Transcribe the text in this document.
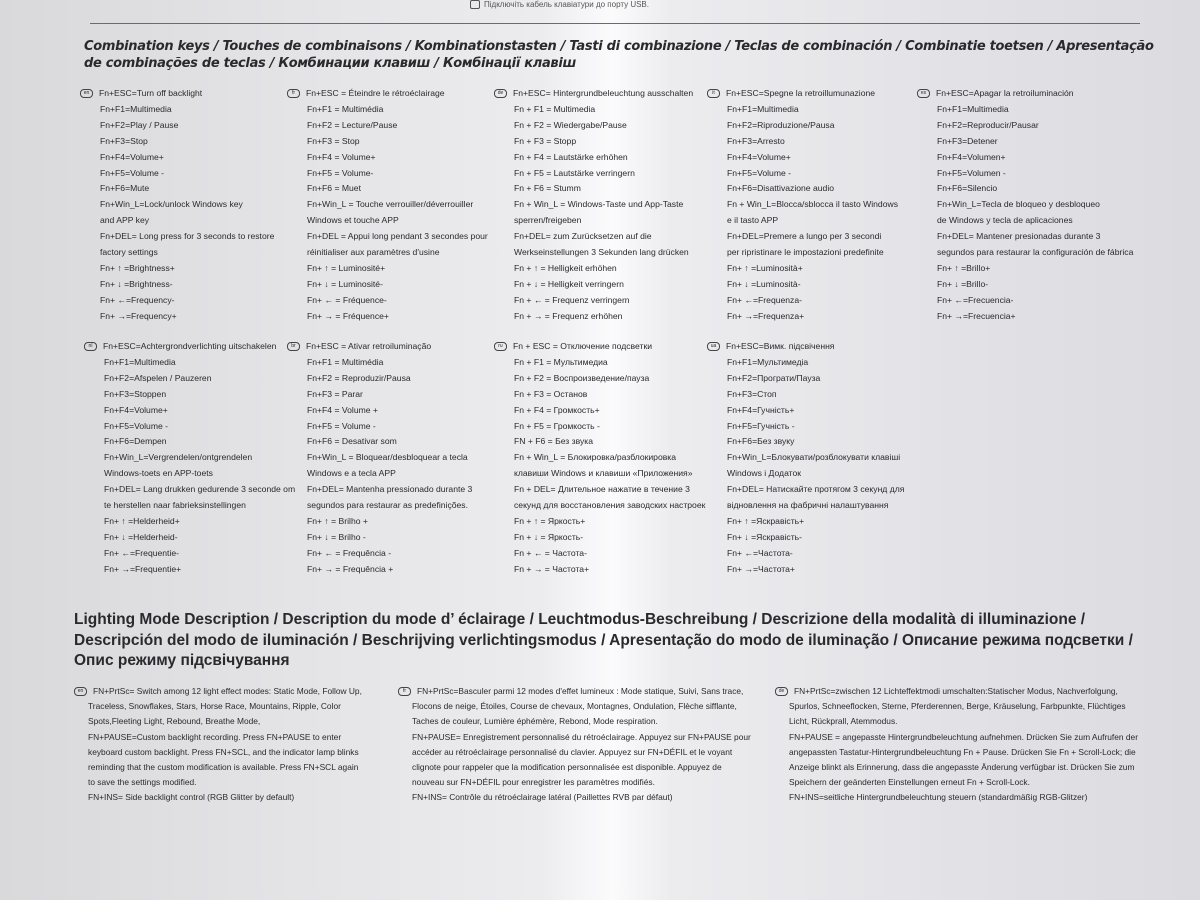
Підключіть кабель клавіатури до порту USB.
Combination keys / Touches de combinaisons / Kombinationstasten / Tasti di combinazione / Teclas de combinación / Combinatie toetsen / Apresentação de combinações de teclas / Комбинации клавиш / Комбінації клавіш
en Fn+ESC=Turn off backlight
Fn+F1=Multimedia
Fn+F2=Play / Pause
Fn+F3=Stop
Fn+F4=Volume+
Fn+F5=Volume -
Fn+F6=Mute
Fn+Win_L=Lock/unlock Windows key
and APP key
Fn+DEL= Long press for 3 seconds to restore
factory settings
Fn+ ↑ =Brightness+
Fn+ ↓ =Brightness-
Fn+ ←=Frequency-
Fn+ →=Frequency+
fr Fn+ESC = Éteindre le rétroéclairage
Fn+F1 = Multimédia
Fn+F2 = Lecture/Pause
Fn+F3 = Stop
Fn+F4 = Volume+
Fn+F5 = Volume-
Fn+F6 = Muet
Fn+Win_L = Touche verrouiller/déverrouiller
Windows et touche APP
Fn+DEL = Appui long pendant 3 secondes pour
réinitialiser aux paramètres d'usine
Fn+ ↑ = Luminosité+
Fn+ ↓ = Luminosité-
Fn+ ← = Fréquence-
Fn+ → = Fréquence+
de Fn+ESC= Hintergrundbeleuchtung ausschalten
Fn + F1 = Multimedia
Fn + F2 = Wiedergabe/Pause
Fn + F3 = Stopp
Fn + F4 = Lautstärke erhöhen
Fn + F5 = Lautstärke verringern
Fn + F6 = Stumm
Fn + Win_L = Windows-Taste und App-Taste
sperren/freigeben
Fn+DEL= zum Zurücksetzen auf die
Werkseinstellungen 3 Sekunden lang drücken
Fn + ↑ = Helligkeit erhöhen
Fn + ↓ = Helligkeit verringern
Fn + ← = Frequenz verringern
Fn + → = Frequenz erhöhen
it Fn+ESC=Spegne la retroillumunazione
Fn+F1=Multimedia
Fn+F2=Riproduzione/Pausa
Fn+F3=Arresto
Fn+F4=Volume+
Fn+F5=Volume -
Fn+F6=Disattivazione audio
Fn + Win_L=Blocca/sblocca il tasto Windows
e il tasto APP
Fn+DEL=Premere a lungo per 3 secondi
per ripristinare le impostazioni predefinite
Fn+ ↑ =Luminosità+
Fn+ ↓ =Luminosità-
Fn+ ←=Frequenza-
Fn+ →=Frequenza+
es Fn+ESC=Apagar la retroiluminación
Fn+F1=Multimedia
Fn+F2=Reproducir/Pausar
Fn+F3=Detener
Fn+F4=Volumen+
Fn+F5=Volumen -
Fn+F6=Silencio
Fn+Win_L=Tecla de bloqueo y desbloqueo
de Windows y tecla de aplicaciones
Fn+DEL= Mantener presionadas durante 3
segundos para restaurar la configuración de fábrica
Fn+ ↑ =Brillo+
Fn+ ↓ =Brillo-
Fn+ ←=Frecuencia-
Fn+ →=Frecuencia+
nl Fn+ESC=Achtergrondverlichting uitschakelen
Fn+F1=Multimedia
Fn+F2=Afspelen / Pauzeren
Fn+F3=Stoppen
Fn+F4=Volume+
Fn+F5=Volume -
Fn+F6=Dempen
Fn+Win_L=Vergrendelen/ontgrendelen
Windows-toets en APP-toets
Fn+DEL= Lang drukken gedurende 3 seconde om
te herstellen naar fabrieksinstellingen
Fn+ ↑ =Helderheid+
Fn+ ↓ =Helderheid-
Fn+ ←=Frequentie-
Fn+ →=Frequentie+
br Fn+ESC = Ativar retroiluminação
Fn+F1 = Multimédia
Fn+F2 = Reproduzir/Pausa
Fn+F3 = Parar
Fn+F4 = Volume +
Fn+F5 = Volume -
Fn+F6 = Desativar som
Fn+Win_L = Bloquear/desbloquear a tecla
Windows e a tecla APP
Fn+DEL= Mantenha pressionado durante 3
segundos para restaurar as predefinições.
Fn+ ↑ = Brilho +
Fn+ ↓ = Brilho -
Fn+ ← = Frequência -
Fn+ → = Frequência +
ru Fn + ESC = Отключение подсветки
Fn + F1 = Мультимедиа
Fn + F2 = Воспроизведение/пауза
Fn + F3 = Останов
Fn + F4 = Громкость+
Fn + F5 = Громкость -
FN + F6 = Без звука
Fn + Win_L = Блокировка/разблокировка
клавиши Windows и клавиши «Приложения»
Fn + DEL= Длительное нажатие в течение 3
секунд для восстановления заводских настроек
Fn + ↑ = Яркость+
Fn + ↓ = Яркость-
Fn + ← = Частота-
Fn + → = Частота+
ua Fn+ESC=Вимк. підсвічення
Fn+F1=Мультимедіа
Fn+F2=Програти/Пауза
Fn+F3=Стоп
Fn+F4=Гучність+
Fn+F5=Гучність -
Fn+F6=Без звуку
Fn+Win_L=Блокувати/розблокувати клавіші
Windows і Додаток
Fn+DEL= Натискайте протягом 3 секунд для
відновлення на фабричні налаштування
Fn+ ↑ =Яскравість+
Fn+ ↓ =Яскравість-
Fn+ ←=Частота-
Fn+ →=Частота+
Lighting Mode Description / Description du mode d’ éclairage / Leuchtmodus-Beschreibung / Descrizione della modalità di illuminazione / Descripción del modo de iluminación / Beschrijving verlichtingsmodus / Apresentação do modo de iluminação / Описание режима подсветки / Опис режиму підсвічування
en FN+PrtSc= Switch among 12 light effect modes: Static Mode, Follow Up,
Traceless, Snowflakes, Stars, Horse Race, Mountains, Ripple, Color
Spots,Fleeting Light, Rebound, Breathe Mode,
FN+PAUSE=Custom backlight recording. Press FN+PAUSE to enter
keyboard custom backlight. Press FN+SCL, and the indicator lamp blinks
reminding that the custom modification is available. Press FN+SCL again
to save the settings modified.
FN+INS= Side backlight control (RGB Glitter by default)
fr FN+PrtSc=Basculer parmi 12 modes d'effet lumineux : Mode statique, Suivi, Sans trace,
Flocons de neige, Étoiles, Course de chevaux, Montagnes, Ondulation, Flèche sifflante,
Taches de couleur, Lumière éphémère, Rebond, Mode respiration.
FN+PAUSE= Enregistrement personnalisé du rétroéclairage. Appuyez sur FN+PAUSE pour
accéder au rétroéclairage personnalisé du clavier. Appuyez sur FN+DÉFIL et le voyant
clignote pour rappeler que la modification personnalisée est disponible. Appuyez de
nouveau sur FN+DÉFIL pour enregistrer les paramètres modifiés.
FN+INS= Contrôle du rétroéclairage latéral (Paillettes RVB par défaut)
de FN+PrtSc=zwischen 12 Lichteffektmodi umschalten:Statischer Modus, Nachverfolgung,
Spurlos, Schneeflocken, Sterne, Pferderennen, Berge, Kräuselung, Farbpunkte, Flüchtiges
Licht, Rückprall, Atemmodus.
FN+PAUSE = angepasste Hintergrundbeleuchtung aufnehmen. Drücken Sie zum Aufrufen der
angepassten Tastatur-Hintergrundbeleuchtung Fn + Pause. Drücken Sie Fn + Scroll-Lock; die
Anzeige blinkt als Erinnerung, dass die angepasste Änderung verfügbar ist. Drücken Sie zum
Speichern der geänderten Einstellungen erneut Fn + Scroll-Lock.
FN+INS=seitliche Hintergrundbeleuchtung steuern (standardmäßig RGB-Glitzer)
